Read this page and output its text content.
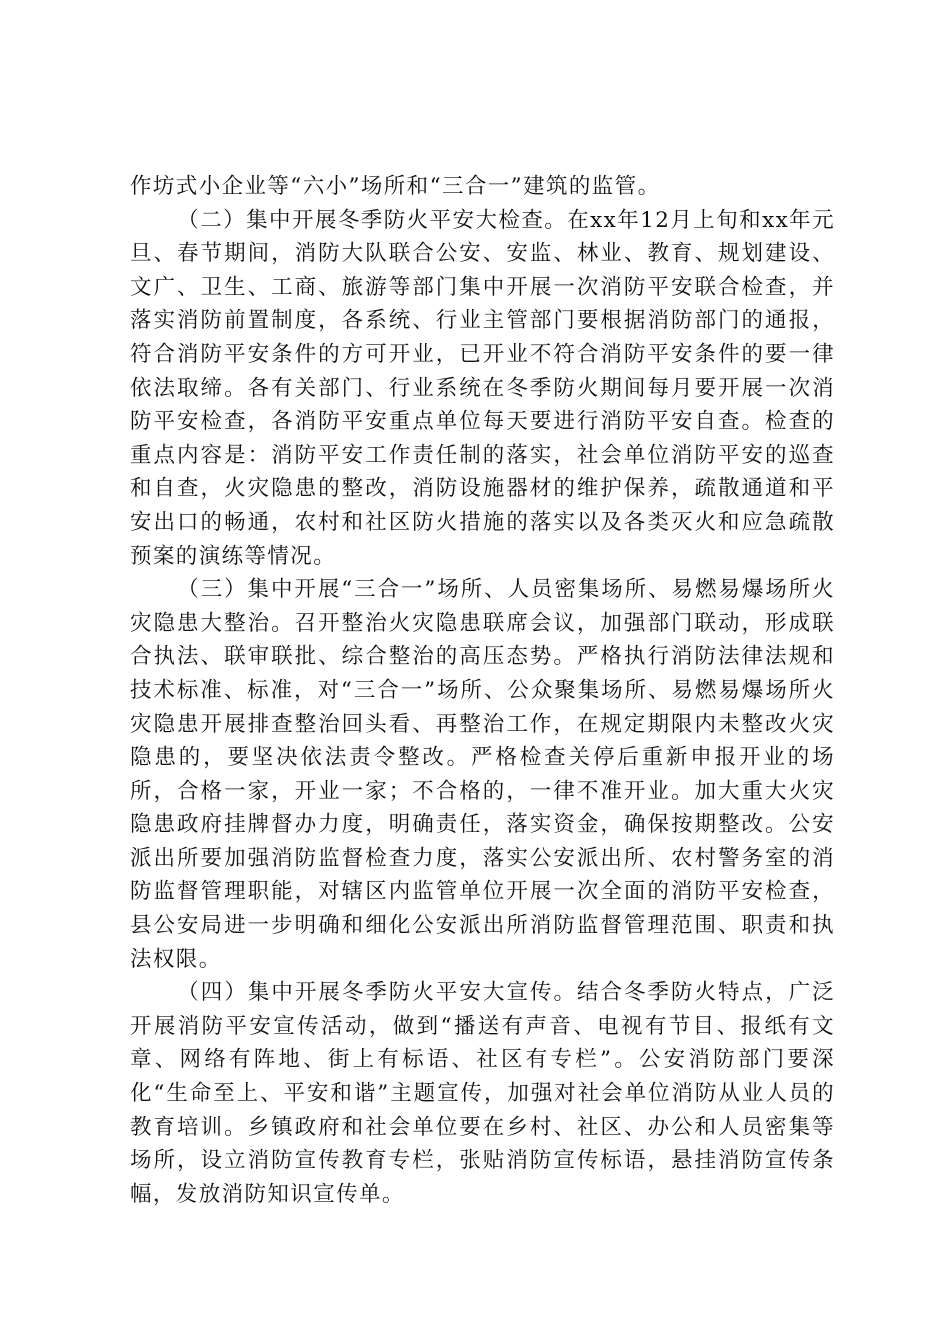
作坊式小企业等“六小”场所和“三合一”建筑的监管。

（二）集中开展冬季防火平安大检查。在xx年12月上旬和xx年元旦、春节期间，消防大队联合公安、安监、林业、教育、规划建设、文广、卫生、工商、旅游等部门集中开展一次消防平安联合检查，并落实消防前置制度，各系统、行业主管部门要根据消防部门的通报，符合消防平安条件的方可开业，已开业不符合消防平安条件的要一律依法取缔。各有关部门、行业系统在冬季防火期间每月要开展一次消防平安检查，各消防平安重点单位每天要进行消防平安自查。检查的重点内容是：消防平安工作责任制的落实，社会单位消防平安的巡查和自查，火灾隐患的整改，消防设施器材的维护保养，疏散通道和平安出口的畅通，农村和社区防火措施的落实以及各类灭火和应急疏散预案的演练等情况。

（三）集中开展“三合一”场所、人员密集场所、易燃易爆场所火灾隐患大整治。召开整治火灾隐患联席会议，加强部门联动，形成联合执法、联审联批、综合整治的高压态势。严格执行消防法律法规和技术标准、标准，对“三合一”场所、公众聚集场所、易燃易爆场所火灾隐患开展排查整治回头看、再整治工作，在规定期限内未整改火灾隐患的，要坚决依法责令整改。严格检查关停后重新申报开业的场所，合格一家，开业一家；不合格的，一律不准开业。加大重大火灾隐患政府挂牌督办力度，明确责任，落实资金，确保按期整改。公安派出所要加强消防监督检查力度，落实公安派出所、农村警务室的消防监督管理职能，对辖区内监管单位开展一次全面的消防平安检查，县公安局进一步明确和细化公安派出所消防监督管理范围、职责和执法权限。

（四）集中开展冬季防火平安大宣传。结合冬季防火特点，广泛开展消防平安宣传活动，做到“播送有声音、电视有节目、报纸有文章、网络有阵地、街上有标语、社区有专栏”。公安消防部门要深化“生命至上、平安和谐”主题宣传，加强对社会单位消防从业人员的教育培训。乡镇政府和社会单位要在乡村、社区、办公和人员密集等场所，设立消防宣传教育专栏，张贴消防宣传标语，悬挂消防宣传条幅，发放消防知识宣传单。
